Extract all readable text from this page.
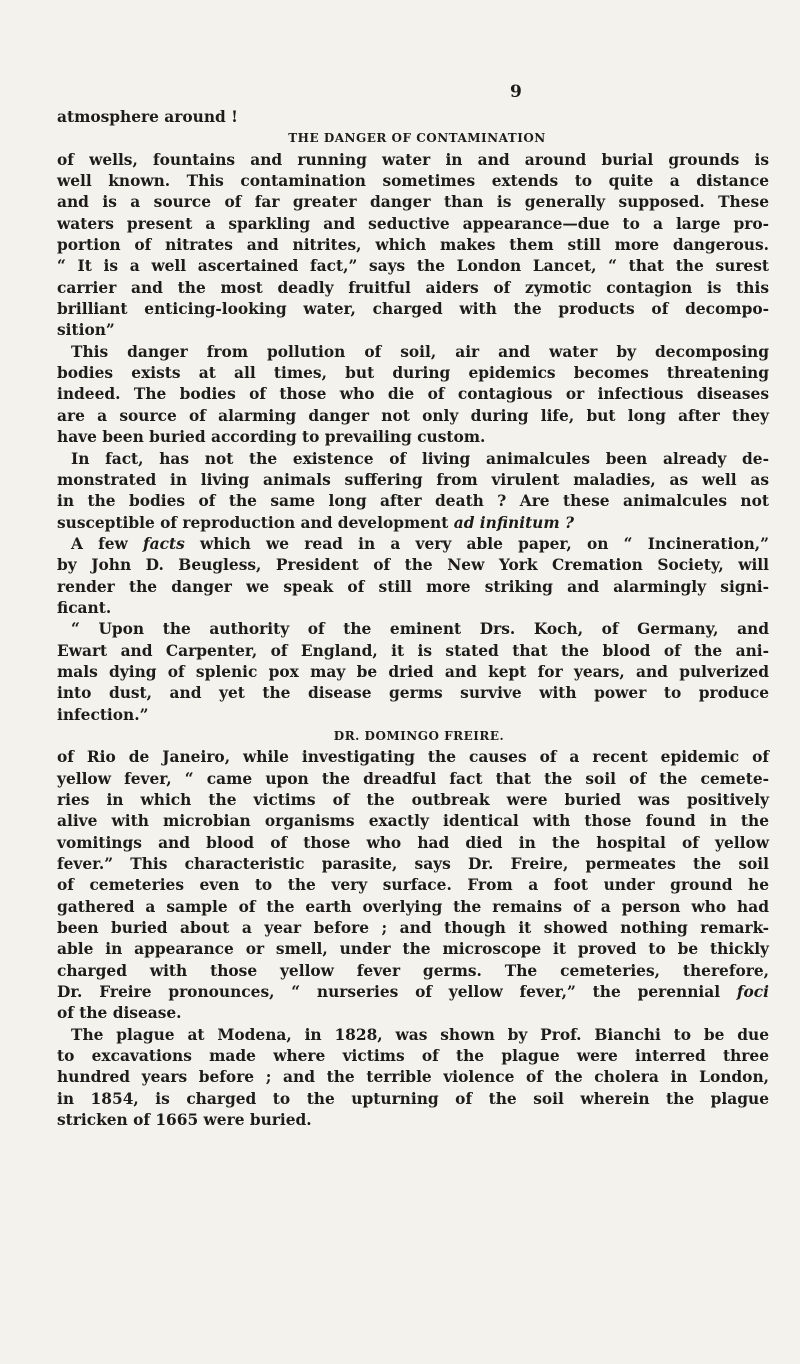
9
atmosphere around !
THE DANGER OF CONTAMINATION
of wells, fountains and running water in and around burial grounds is
well known. This contamination sometimes extends to quite a distance
and is a source of far greater danger than is generally supposed. These
waters present a sparkling and seductive appearance—due to a large pro-
portion of nitrates and nitrites, which makes them still more dangerous.
“ It is a well ascertained fact,” says the London Lancet, “ that the surest
carrier and the most deadly fruitful aiders of zymotic contagion is this
brilliant enticing-looking water, charged with the products of decompo-
sition”
This danger from pollution of soil, air and water by decomposing
bodies exists at all times, but during epidemics becomes threatening
indeed. The bodies of those who die of contagious or infectious diseases
are a source of alarming danger not only during life, but long after they
have been buried according to prevailing custom.
In fact, has not the existence of living animalcules been already de-
monstrated in living animals suffering from virulent maladies, as well as
in the bodies of the same long after death ? Are these animalcules not
susceptible of reproduction and development ad infinitum ?
A few facts which we read in a very able paper, on “ Incineration,”
by John D. Beugless, President of the New York Cremation Society, will
render the danger we speak of still more striking and alarmingly signi-
ficant.
“ Upon the authority of the eminent Drs. Koch, of Germany, and
Ewart and Carpenter, of England, it is stated that the blood of the ani-
mals dying of splenic pox may be dried and kept for years, and pulverized
into dust, and yet the disease germs survive with power to produce
infection.”
DR. DOMINGO FREIRE.
of Rio de Janeiro, while investigating the causes of a recent epidemic of
yellow fever, “ came upon the dreadful fact that the soil of the cemete-
ries in which the victims of the outbreak were buried was positively
alive with microbian organisms exactly identical with those found in the
vomitings and blood of those who had died in the hospital of yellow
fever.” This characteristic parasite, says Dr. Freire, permeates the soil
of cemeteries even to the very surface. From a foot under ground he
gathered a sample of the earth overlying the remains of a person who had
been buried about a year before ; and though it showed nothing remark-
able in appearance or smell, under the microscope it proved to be thickly
charged with those yellow fever germs. The cemeteries, therefore,
Dr. Freire pronounces, “ nurseries of yellow fever,” the perennial foci
of the disease.
The plague at Modena, in 1828, was shown by Prof. Bianchi to be due
to excavations made where victims of the plague were interred three
hundred years before ; and the terrible violence of the cholera in London,
in 1854, is charged to the upturning of the soil wherein the plague
stricken of 1665 were buried.
